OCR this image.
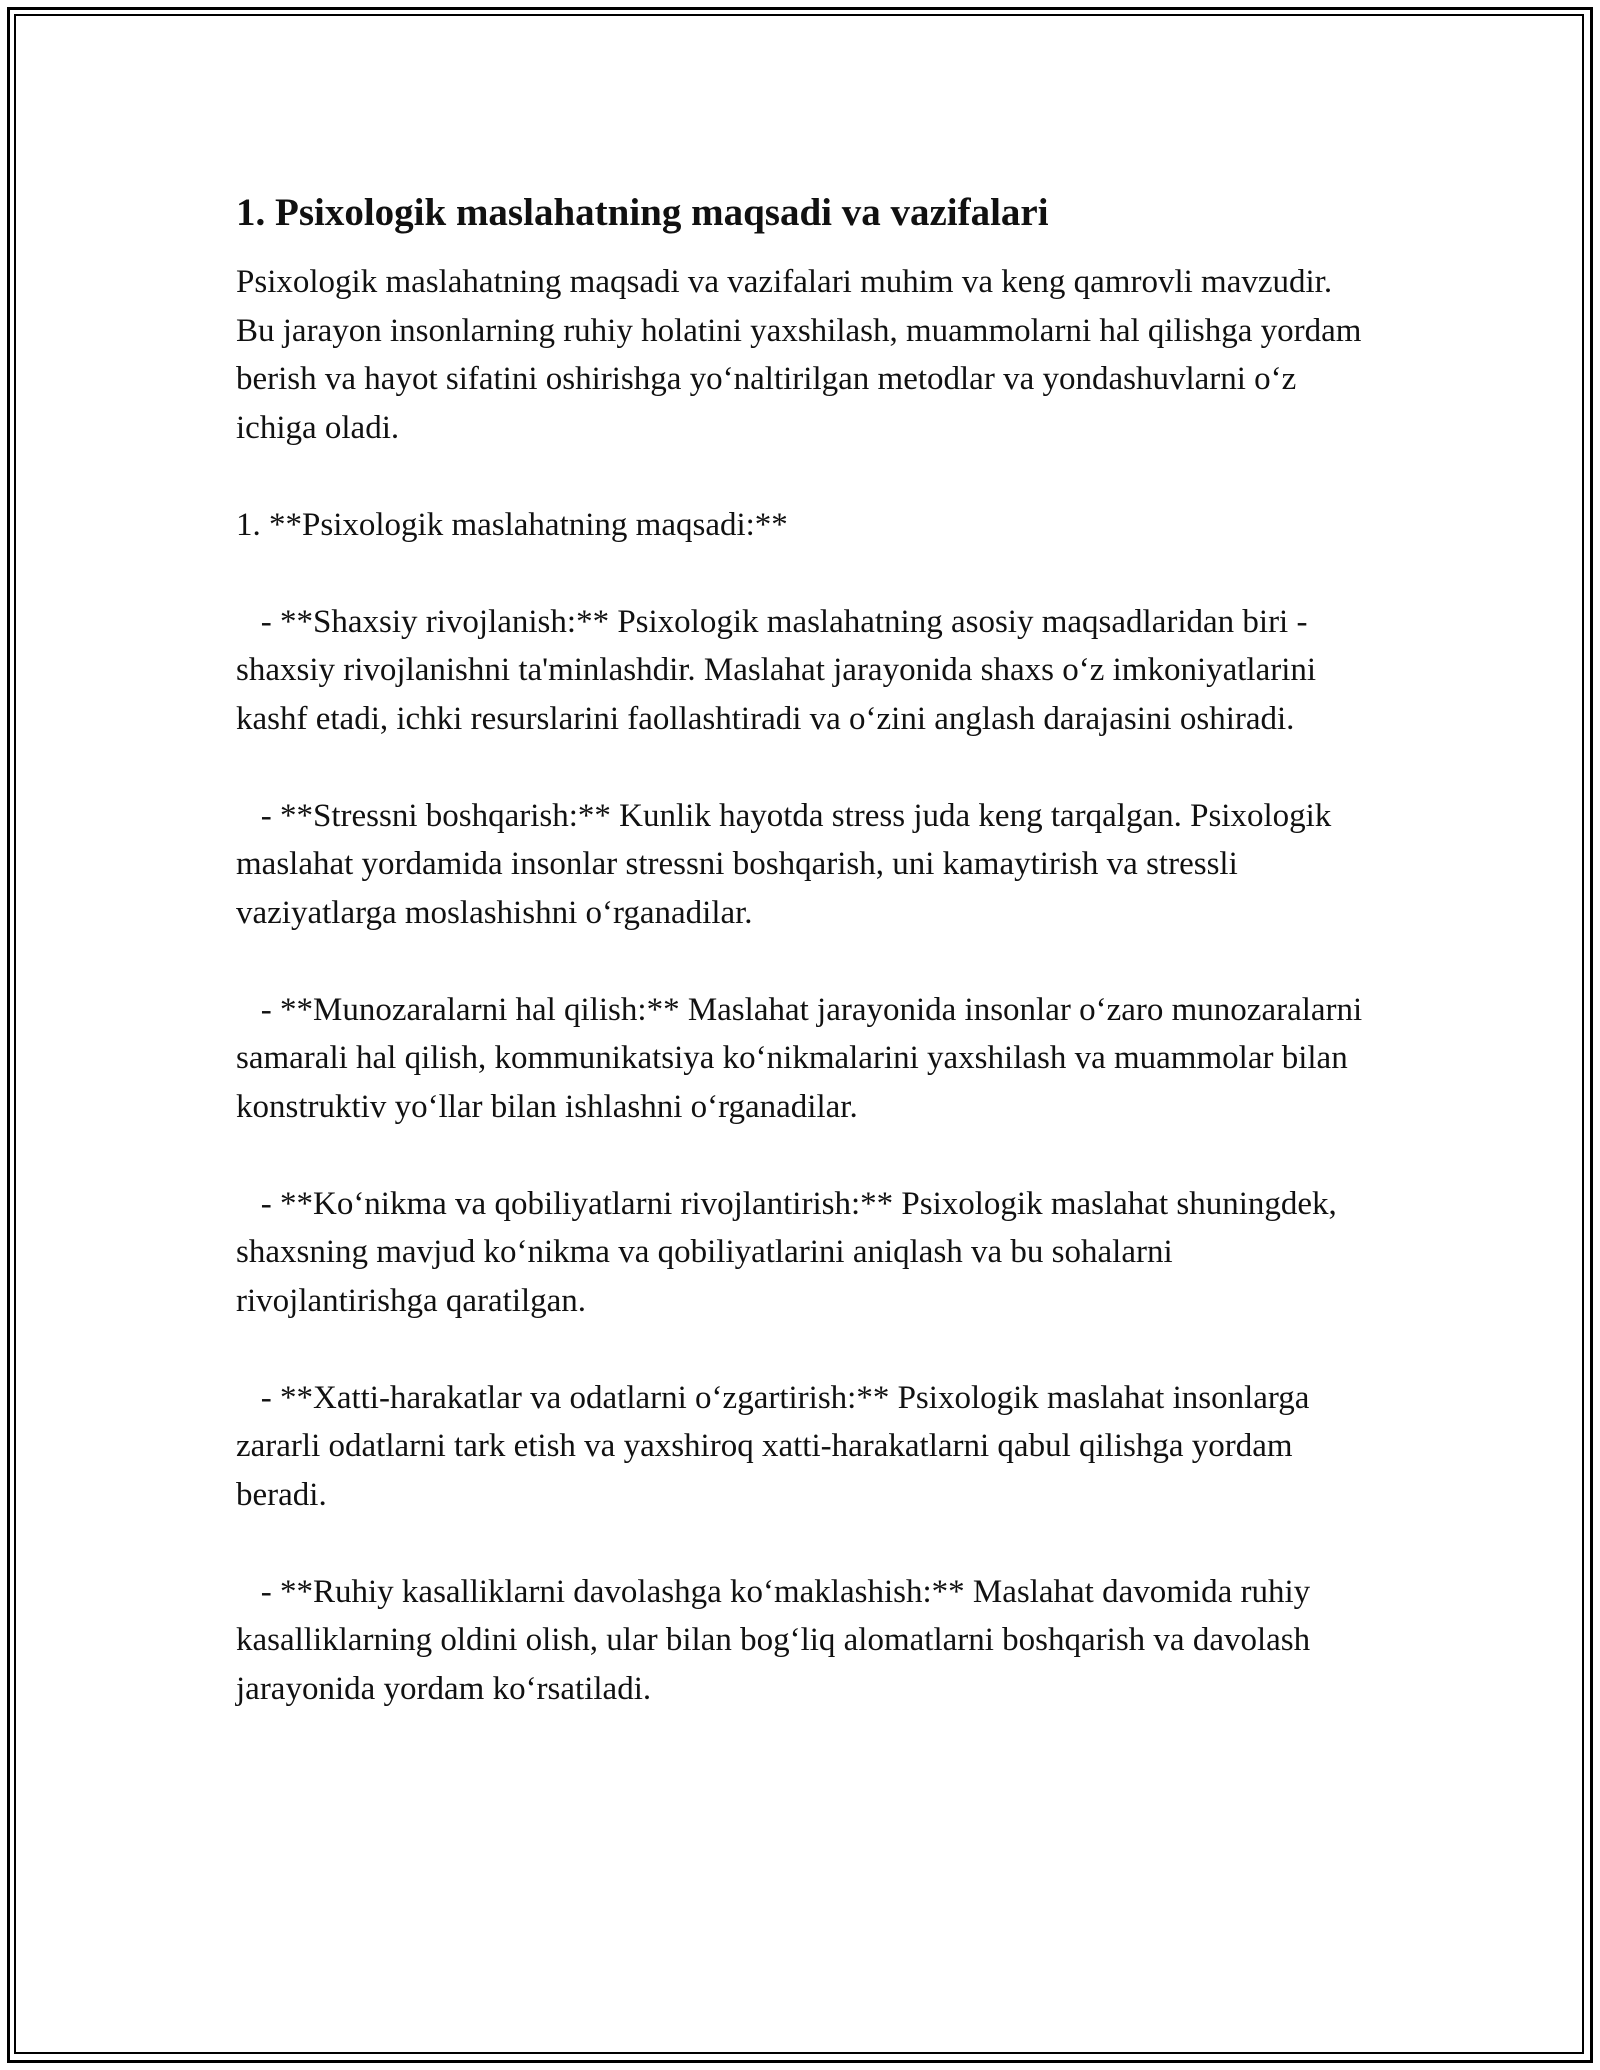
1. Psixologik maslahatning maqsadi va vazifalari

Psixologik maslahatning maqsadi va vazifalari muhim va keng qamrovli mavzudir. Bu jarayon insonlarning ruhiy holatini yaxshilash, muammolarni hal qilishga yordam berish va hayot sifatini oshirishga yo‘naltirilgan metodlar va yondashuvlarni o‘z ichiga oladi.

1. **Psixologik maslahatning maqsadi:**

- **Shaxsiy rivojlanish:** Psixologik maslahatning asosiy maqsadlaridan biri - shaxsiy rivojlanishni ta'minlashdir. Maslahat jarayonida shaxs o‘z imkoniyatlarini kashf etadi, ichki resurslarini faollashtiradi va o‘zini anglash darajasini oshiradi.

- **Stressni boshqarish:** Kunlik hayotda stress juda keng tarqalgan. Psixologik maslahat yordamida insonlar stressni boshqarish, uni kamaytirish va stressli vaziyatlarga moslashishni o‘rganadilar.

- **Munozaralarni hal qilish:** Maslahat jarayonida insonlar o‘zaro munozaralarni samarali hal qilish, kommunikatsiya ko‘nikmalarini yaxshilash va muammolar bilan konstruktiv yo‘llar bilan ishlashni o‘rganadilar.

- **Ko‘nikma va qobiliyatlarni rivojlantirish:** Psixologik maslahat shuningdek, shaxsning mavjud ko‘nikma va qobiliyatlarini aniqlash va bu sohalarni rivojlantirishga qaratilgan.

- **Xatti-harakatlar va odatlarni o‘zgartirish:** Psixologik maslahat insonlarga zararli odatlarni tark etish va yaxshiroq xatti-harakatlarni qabul qilishga yordam beradi.

- **Ruhiy kasalliklarni davolashga ko‘maklashish:** Maslahat davomida ruhiy kasalliklarning oldini olish, ular bilan bog‘liq alomatlarni boshqarish va davolash jarayonida yordam ko‘rsatiladi.
